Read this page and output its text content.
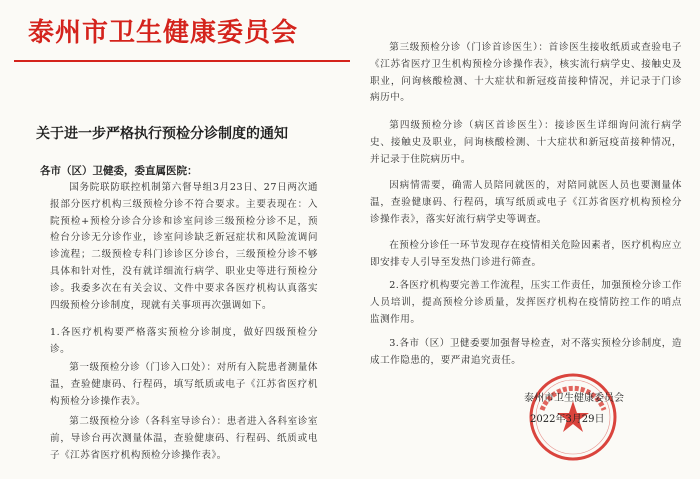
泰州市卫生健康委员会
关于进一步严格执行预检分诊制度的通知
各市（区）卫健委，委直属医院：

国务院联防联控机制第六督导组3月23日、27日两次通报部分医疗机构三级预检分诊不符合要求。主要表现在：入院预检+预检分诊合分诊和诊室问诊三级预检分诊不足，预检台分诊无分诊作业，诊室问诊缺乏新冠症状和风险流调问诊流程；二级预检专科门诊诊区分诊台，三级预检分诊不够具体和针对性，没有就详细流行病学、职业史等进行预检分诊。我委多次在有关会议、文件中要求各医疗机构认真落实四级预检分诊制度，现就有关事项再次强调如下。

1.各医疗机构要严格落实预检分诊制度，做好四级预检分诊。

第一级预检分诊（门诊入口处）：对所有入院患者测量体温，查验健康码、行程码，填写纸质或电子《江苏省医疗机构预检分诊操作表》。

第二级预检分诊（各科室导诊台）：患者进入各科室诊室前，导诊台再次测量体温，查验健康码、行程码、纸质或电子《江苏省医疗机构预检分诊操作表》。

第三级预检分诊（门诊首诊医生）：首诊医生接收纸质或查验电子《江苏省医疗卫生机构预检分诊操作表》，核实流行病学史、接触史及职业，问询核酸检测、十大症状和新冠疫苗接种情况，并记录于门诊病历中。

第四级预检分诊（病区首诊医生）：接诊医生详细询问流行病学史、接触史及职业，问询核酸检测、十大症状和新冠疫苗接种情况，并记录于住院病历中。

因病情需要，确需人员陪同就医的，对陪同就医人员也要测量体温，查验健康码、行程码，填写纸质或电子《江苏省医疗机构预检分诊操作表》，落实好流行病学史等调查。

在预检分诊任一环节发现存在疫情相关危险因素者，医疗机构应立即安排专人引导至发热门诊进行筛查。

2.各医疗机构要完善工作流程，压实工作责任，加强预检分诊工作人员培训，提高预检分诊质量，发挥医疗机构在疫情防控工作的哨点监测作用。

3.各市（区）卫健委要加强督导检查，对不落实预检分诊制度，造成工作隐患的，要严肃追究责任。

泰州市卫生健康委员会
2022年3月29日
